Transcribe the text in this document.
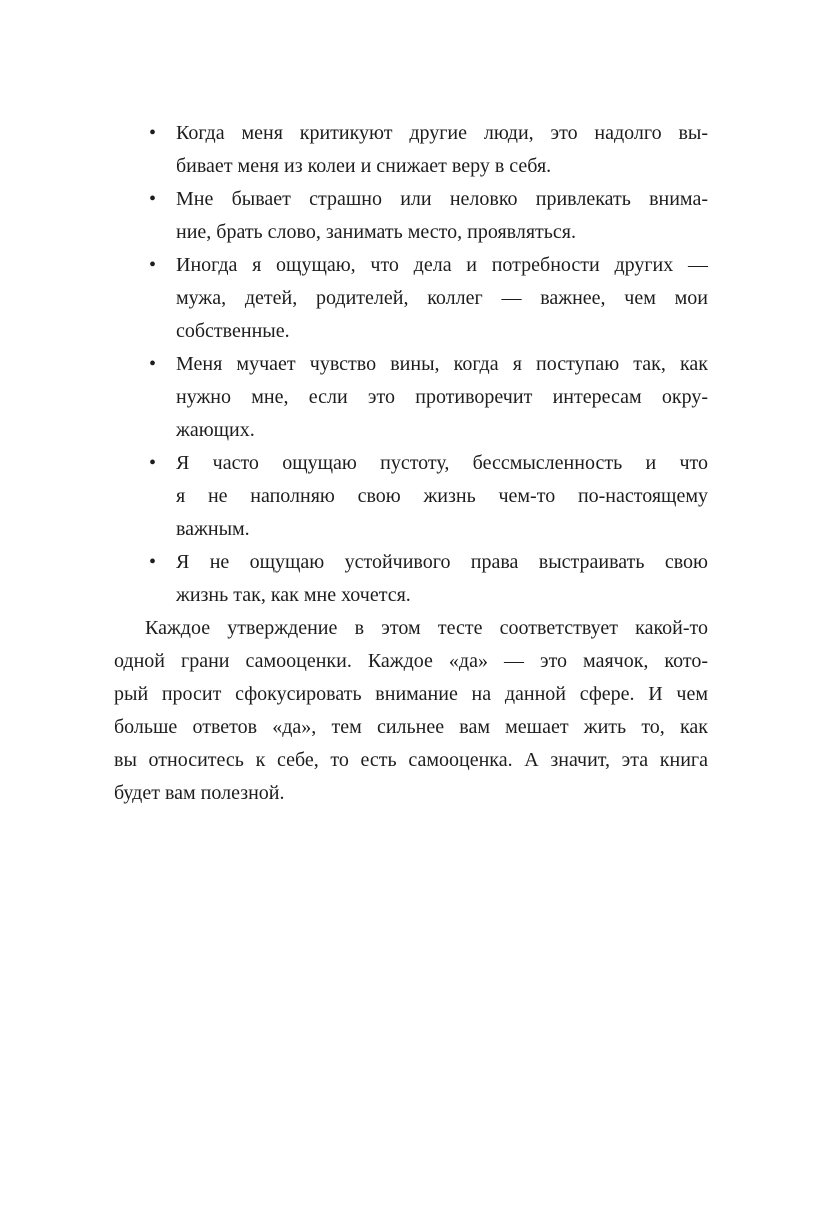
• Когда меня критикуют другие люди, это надолго вы-
бивает меня из колеи и снижает веру в себя.
• Мне бывает страшно или неловко привлекать внима-
ние, брать слово, занимать место, проявляться.
• Иногда я ощущаю, что дела и потребности других —
мужа, детей, родителей, коллег — важнее, чем мои
собственные.
• Меня мучает чувство вины, когда я поступаю так, как
нужно мне, если это противоречит интересам окру-
жающих.
• Я часто ощущаю пустоту, бессмысленность и что
я не наполняю свою жизнь чем-то по-настоящему
важным.
• Я не ощущаю устойчивого права выстраивать свою
жизнь так, как мне хочется.
Каждое утверждение в этом тесте соответствует какой-то
одной грани самооценки. Каждое «да» — это маячок, кото-
рый просит сфокусировать внимание на данной сфере. И чем
больше ответов «да», тем сильнее вам мешает жить то, как
вы относитесь к себе, то есть самооценка. А значит, эта книга
будет вам полезной.
